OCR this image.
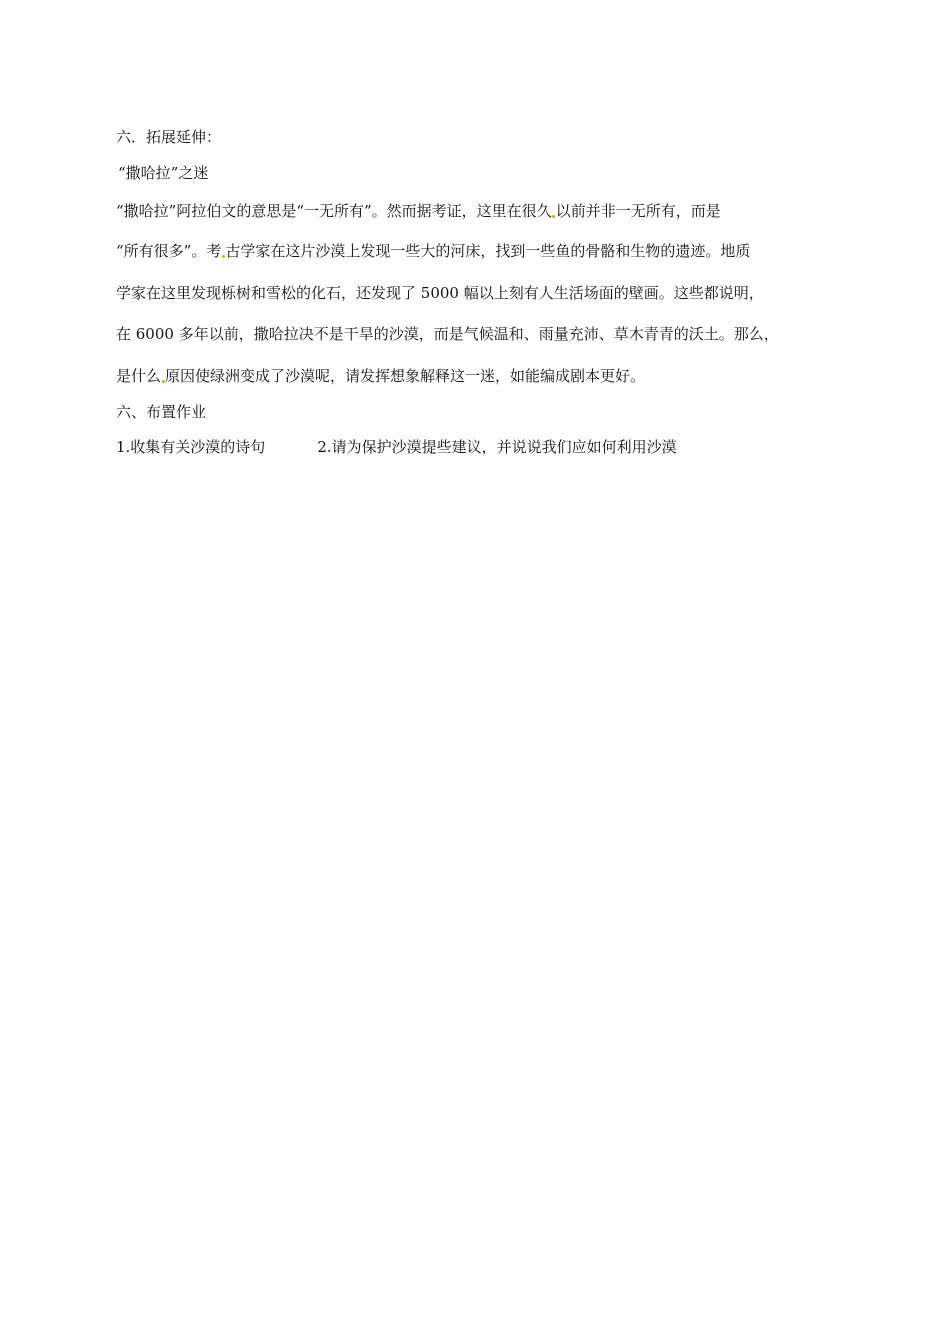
六．拓展延伸：
“撒哈拉”之迷
“撒哈拉”阿拉伯文的意思是“一无所有”。然而据考证，这里在很久 以前并非一无所有，而是
“所有很多”。考 古学家在这片沙漠上发现一些大的河床，找到一些鱼的骨骼和生物的遗迹。地质
学家在这里发现栎树和雪松的化石，还发现了 5000 幅以上刻有人生活场面的壁画。这些都说明，
在 6000 多年以前，撒哈拉决不是干旱的沙漠，而是气候温和、雨量充沛、草木青青的沃土。那么，
是什么 原因使绿洲变成了沙漠呢，请发挥想象解释这一迷，如能编成剧本更好。
六、布置作业
1.收集有关沙漠的诗句	2.请为保护沙漠提些建议，并说说我们应如何利用沙漠
